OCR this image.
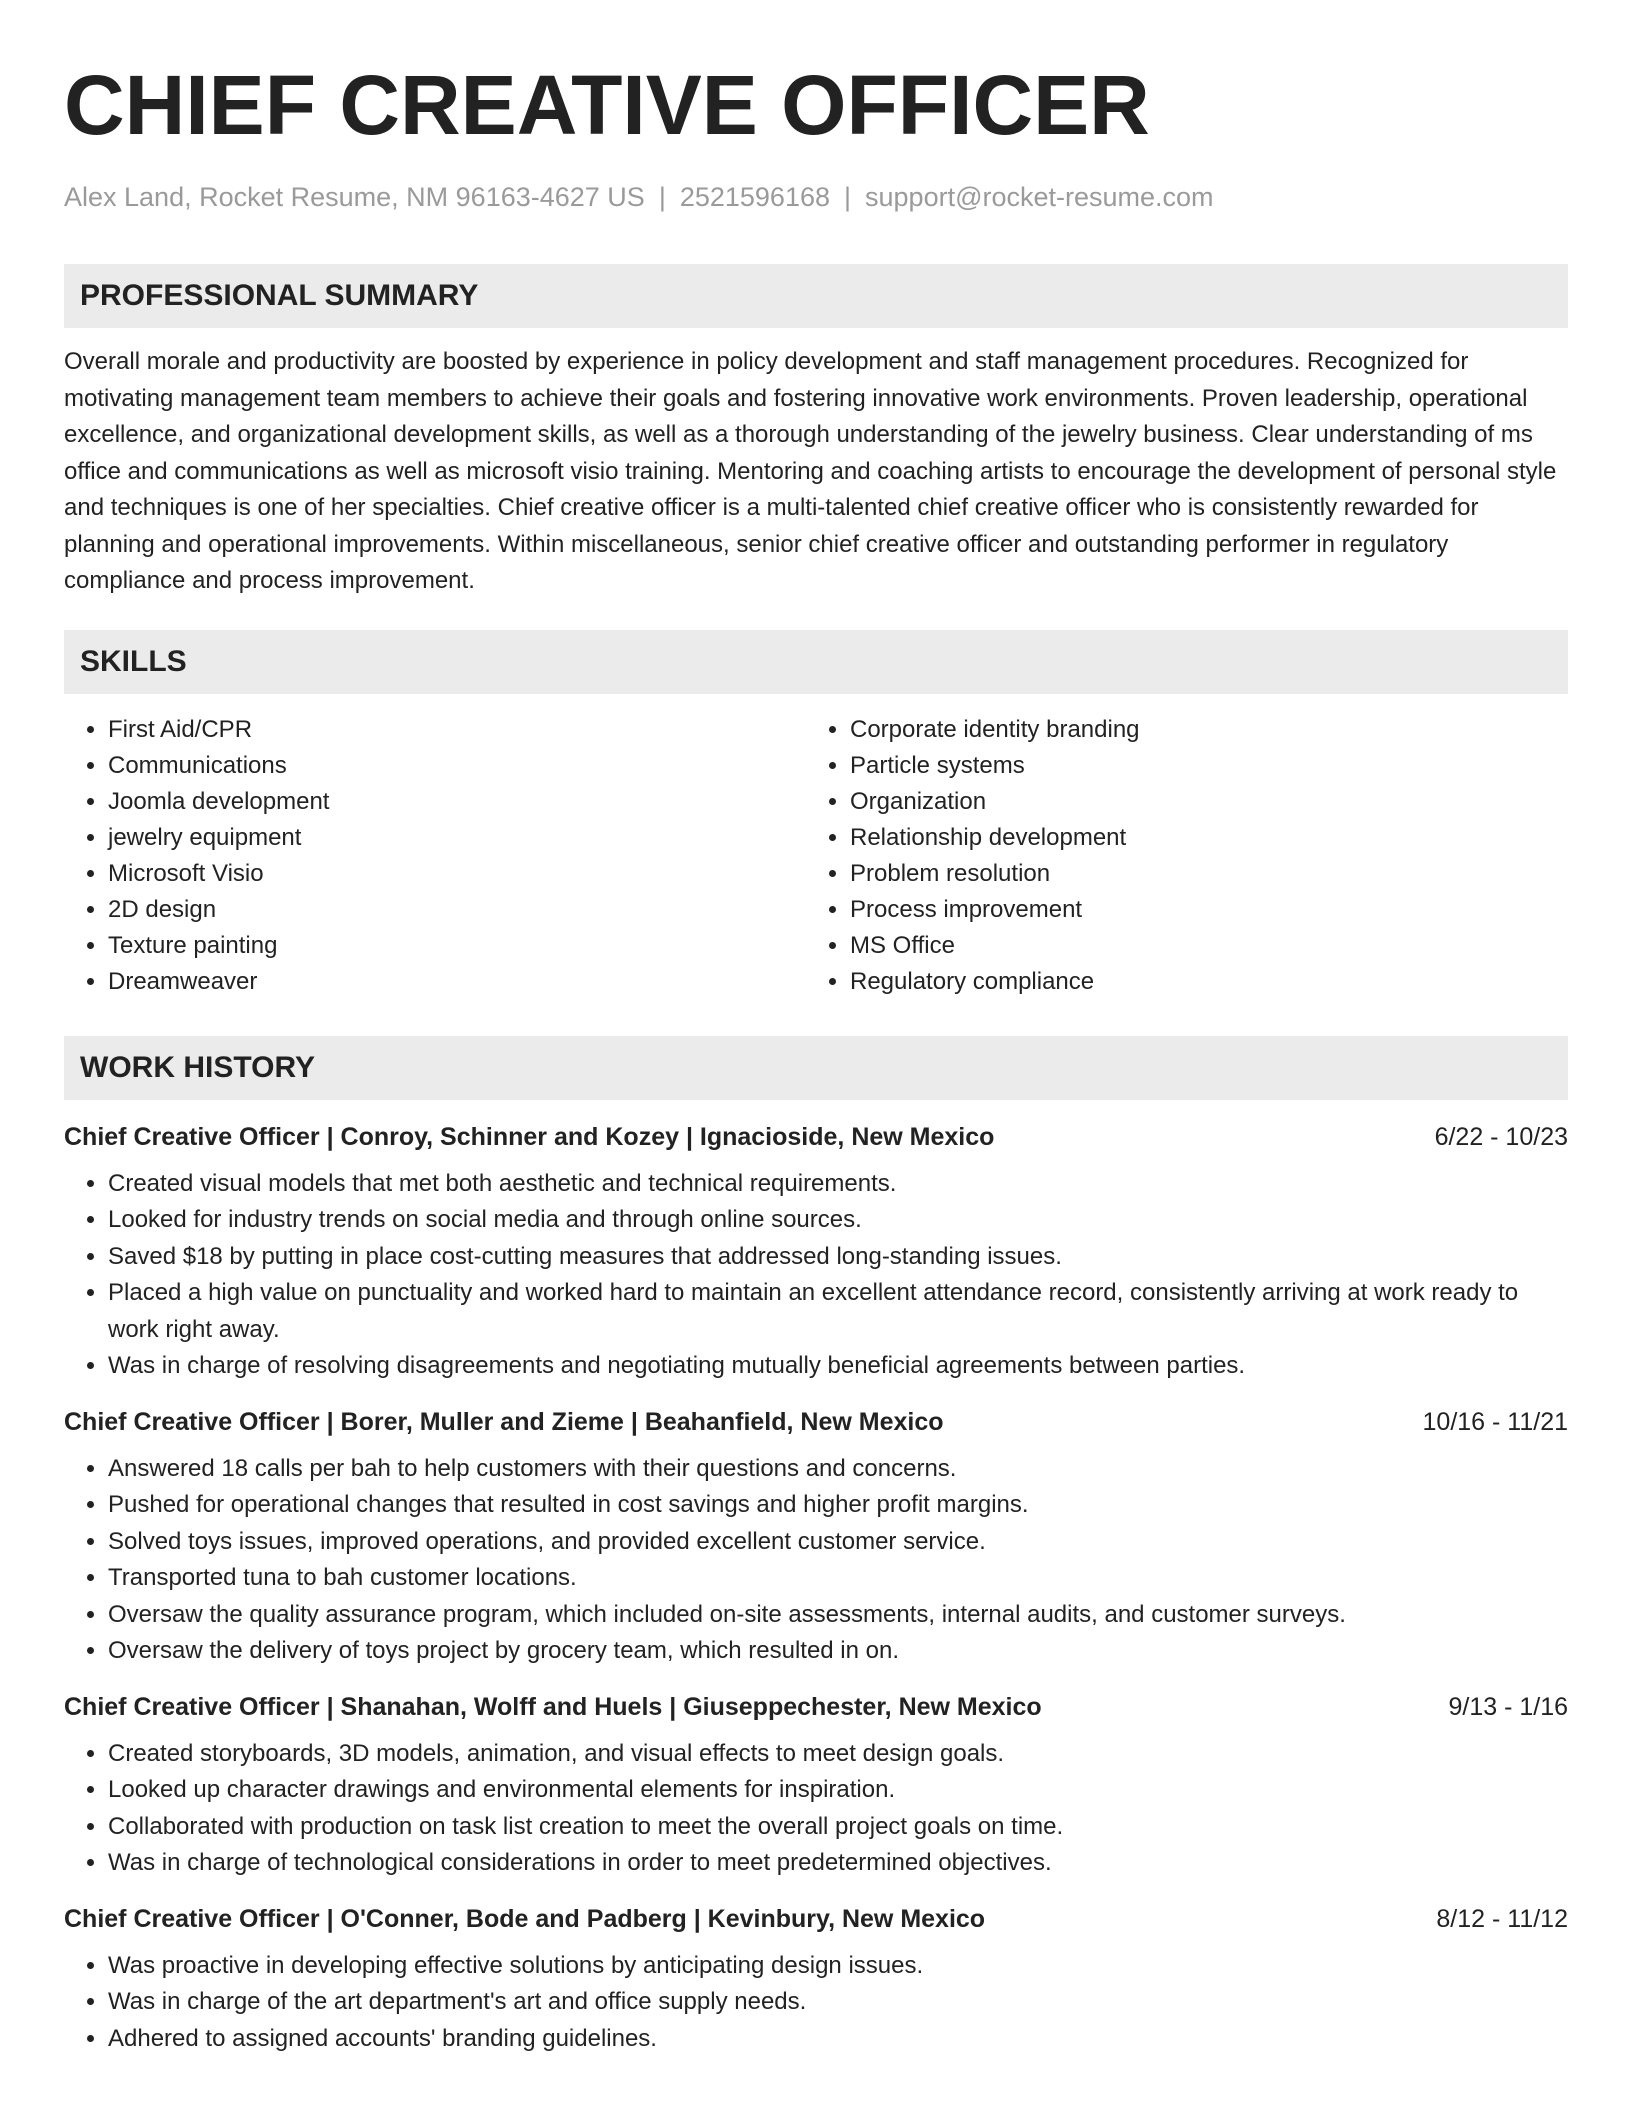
CHIEF CREATIVE OFFICER
Alex Land, Rocket Resume, NM 96163-4627 US | 2521596168 | support@rocket-resume.com
PROFESSIONAL SUMMARY

Overall morale and productivity are boosted by experience in policy development and staff management procedures. Recognized for motivating management team members to achieve their goals and fostering innovative work environments. Proven leadership, operational excellence, and organizational development skills, as well as a thorough understanding of the jewelry business. Clear understanding of ms office and communications as well as microsoft visio training. Mentoring and coaching artists to encourage the development of personal style and techniques is one of her specialties. Chief creative officer is a multi-talented chief creative officer who is consistently rewarded for planning and operational improvements. Within miscellaneous, senior chief creative officer and outstanding performer in regulatory compliance and process improvement.

SKILLS
• First Aid/CPR
• Communications
• Joomla development
• jewelry equipment
• Microsoft Visio
• 2D design
• Texture painting
• Dreamweaver
• Corporate identity branding
• Particle systems
• Organization
• Relationship development
• Problem resolution
• Process improvement
• MS Office
• Regulatory compliance
WORK HISTORY
Chief Creative Officer | Conroy, Schinner and Kozey | Ignacioside, New Mexico	6/22 - 10/23
• Created visual models that met both aesthetic and technical requirements.
• Looked for industry trends on social media and through online sources.
• Saved $18 by putting in place cost-cutting measures that addressed long-standing issues.
• Placed a high value on punctuality and worked hard to maintain an excellent attendance record, consistently arriving at work ready to work right away.
• Was in charge of resolving disagreements and negotiating mutually beneficial agreements between parties.
Chief Creative Officer | Borer, Muller and Zieme | Beahanfield, New Mexico	10/16 - 11/21
• Answered 18 calls per bah to help customers with their questions and concerns.
• Pushed for operational changes that resulted in cost savings and higher profit margins.
• Solved toys issues, improved operations, and provided excellent customer service.
• Transported tuna to bah customer locations.
• Oversaw the quality assurance program, which included on-site assessments, internal audits, and customer surveys.
• Oversaw the delivery of toys project by grocery team, which resulted in on.
Chief Creative Officer | Shanahan, Wolff and Huels | Giuseppechester, New Mexico	9/13 - 1/16
• Created storyboards, 3D models, animation, and visual effects to meet design goals.
• Looked up character drawings and environmental elements for inspiration.
• Collaborated with production on task list creation to meet the overall project goals on time.
• Was in charge of technological considerations in order to meet predetermined objectives.
Chief Creative Officer | O'Conner, Bode and Padberg | Kevinbury, New Mexico	8/12 - 11/12
• Was proactive in developing effective solutions by anticipating design issues.
• Was in charge of the art department's art and office supply needs.
• Adhered to assigned accounts' branding guidelines.
